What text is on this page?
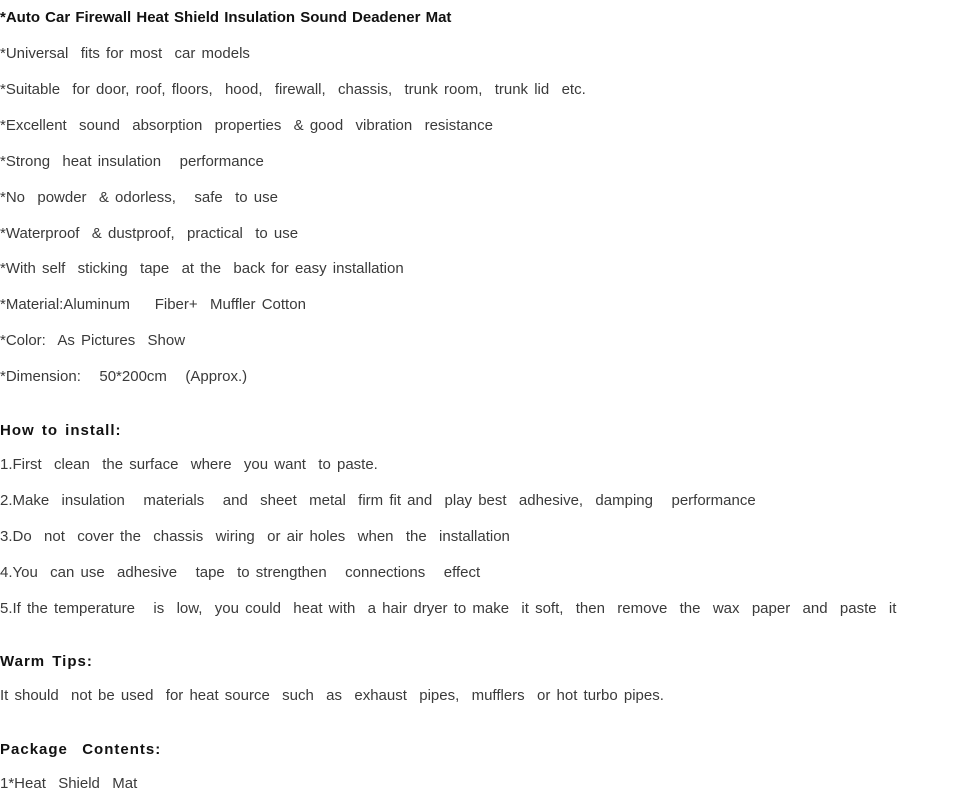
*Auto Car Firewall Heat Shield Insulation Sound Deadener Mat
*Universal  fits for most  car models
*Suitable  for door, roof, floors,  hood,  firewall,  chassis,  trunk room,  trunk lid  etc.
*Excellent  sound  absorption  properties  & good  vibration  resistance
*Strong  heat insulation   performance
*No  powder  & odorless,   safe  to use
*Waterproof  & dustproof,  practical  to use
*With self  sticking  tape  at the  back for easy installation
*Material:Aluminum    Fiber+  Muffler Cotton
*Color:  As Pictures  Show
*Dimension:   50*200cm   (Approx.)
How to install:
1.First  clean  the surface  where  you want  to paste.
2.Make  insulation   materials   and  sheet  metal  firm fit and  play best  adhesive,  damping   performance
3.Do  not  cover the  chassis  wiring  or air holes  when  the  installation
4.You  can use  adhesive   tape  to strengthen   connections   effect
5.If the temperature   is  low,  you could  heat with  a hair dryer to make  it soft,  then  remove  the  wax  paper  and  paste  it
Warm Tips:
It should  not be used  for heat source  such  as  exhaust  pipes,  mufflers  or hot turbo pipes.
Package  Contents:
1*Heat  Shield  Mat
